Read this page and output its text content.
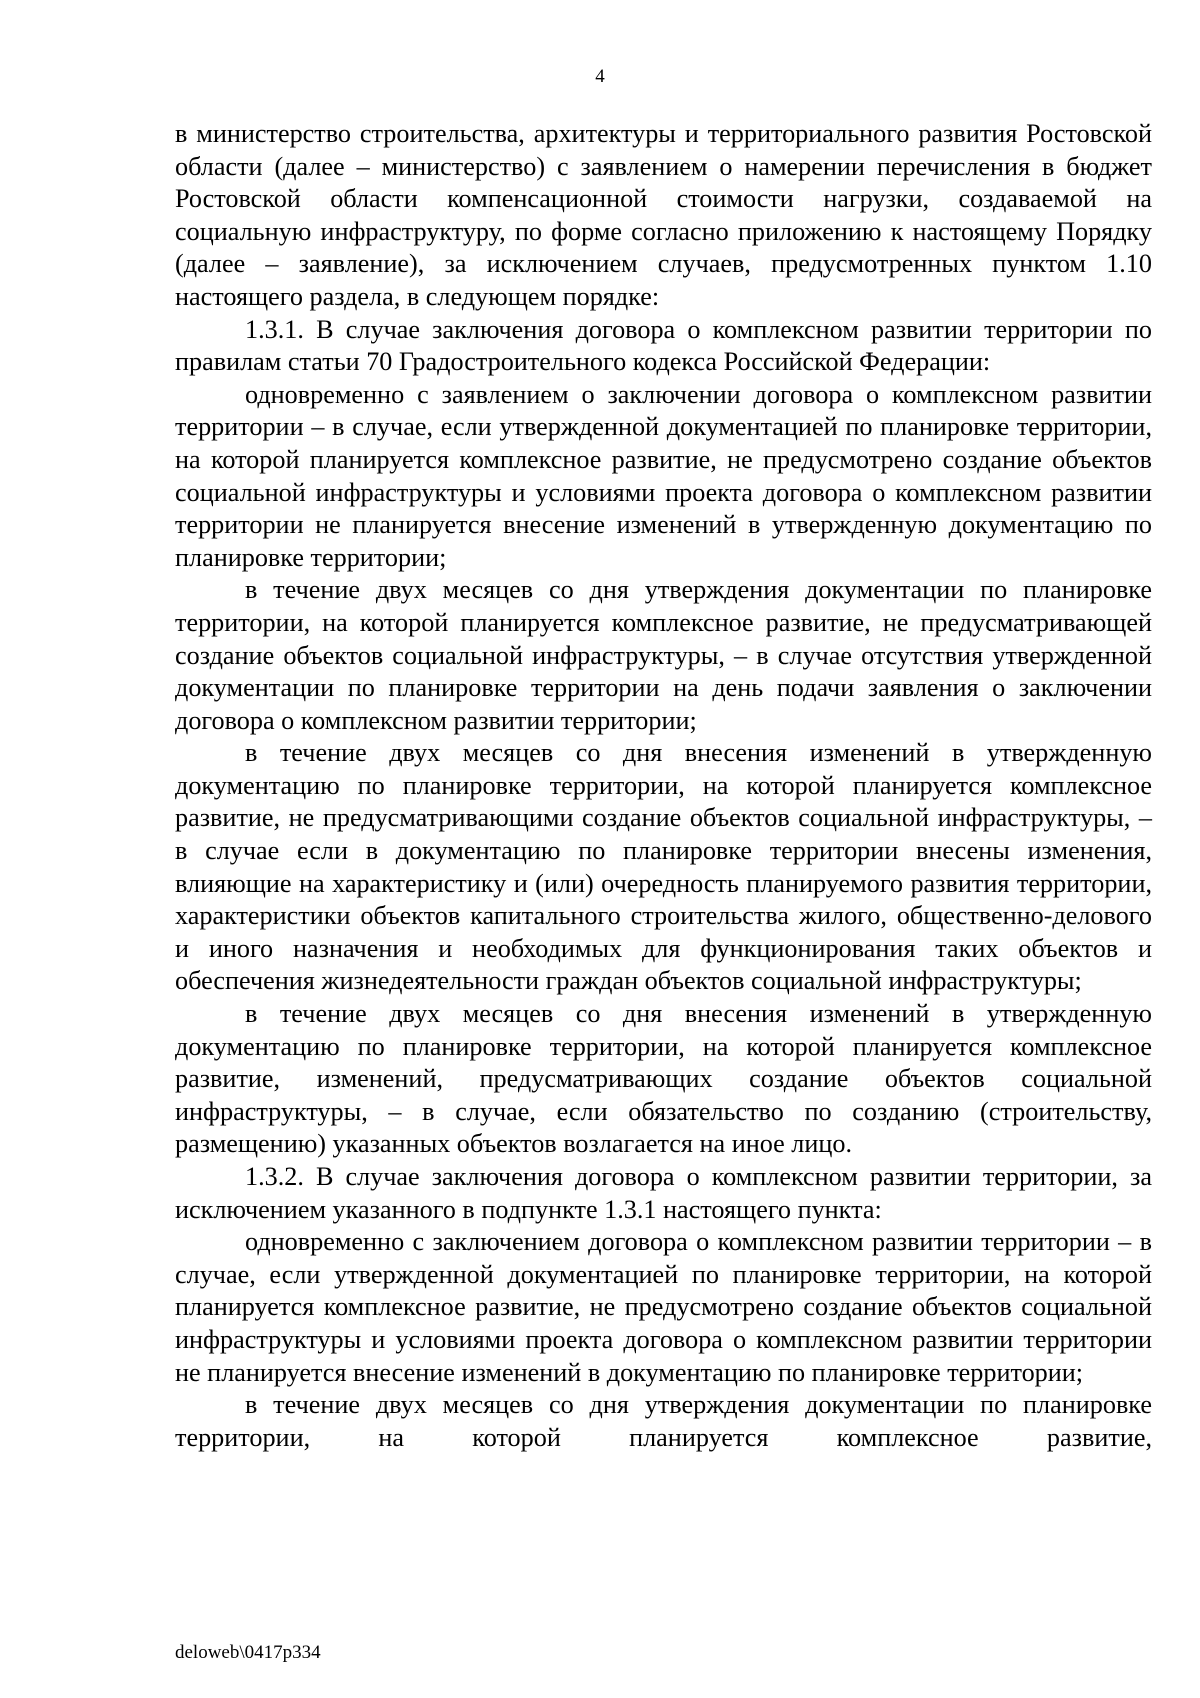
4

в министерство строительства, архитектуры и территориального развития Ростовской области (далее – министерство) с заявлением о намерении перечисления в бюджет Ростовской области компенсационной стоимости нагрузки, создаваемой на социальную инфраструктуру, по форме согласно приложению к настоящему Порядку (далее – заявление), за исключением случаев, предусмотренных пунктом 1.10 настоящего раздела, в следующем порядке:

1.3.1. В случае заключения договора о комплексном развитии территории по правилам статьи 70 Градостроительного кодекса Российской Федерации:

одновременно с заявлением о заключении договора о комплексном развитии территории – в случае, если утвержденной документацией по планировке территории, на которой планируется комплексное развитие, не предусмотрено создание объектов социальной инфраструктуры и условиями проекта договора о комплексном развитии территории не планируется внесение изменений в утвержденную документацию по планировке территории;

в течение двух месяцев со дня утверждения документации по планировке территории, на которой планируется комплексное развитие, не предусматривающей создание объектов социальной инфраструктуры, – в случае отсутствия утвержденной документации по планировке территории на день подачи заявления о заключении договора о комплексном развитии территории;

в течение двух месяцев со дня внесения изменений в утвержденную документацию по планировке территории, на которой планируется комплексное развитие, не предусматривающими создание объектов социальной инфраструктуры, – в случае если в документацию по планировке территории внесены изменения, влияющие на характеристику и (или) очередность планируемого развития территории, характеристики объектов капитального строительства жилого, общественно-делового и иного назначения и необходимых для функционирования таких объектов и обеспечения жизнедеятельности граждан объектов социальной инфраструктуры;

в течение двух месяцев со дня внесения изменений в утвержденную документацию по планировке территории, на которой планируется комплексное развитие, изменений, предусматривающих создание объектов социальной инфраструктуры, – в случае, если обязательство по созданию (строительству, размещению) указанных объектов возлагается на иное лицо.

1.3.2. В случае заключения договора о комплексном развитии территории, за исключением указанного в подпункте 1.3.1 настоящего пункта:

одновременно с заключением договора о комплексном развитии территории – в случае, если утвержденной документацией по планировке территории, на которой планируется комплексное развитие, не предусмотрено создание объектов социальной инфраструктуры и условиями проекта договора о комплексном развитии территории не планируется внесение изменений в документацию по планировке территории;

в течение двух месяцев со дня утверждения документации по планировке территории, на которой планируется комплексное развитие,

deloweb\0417p334
